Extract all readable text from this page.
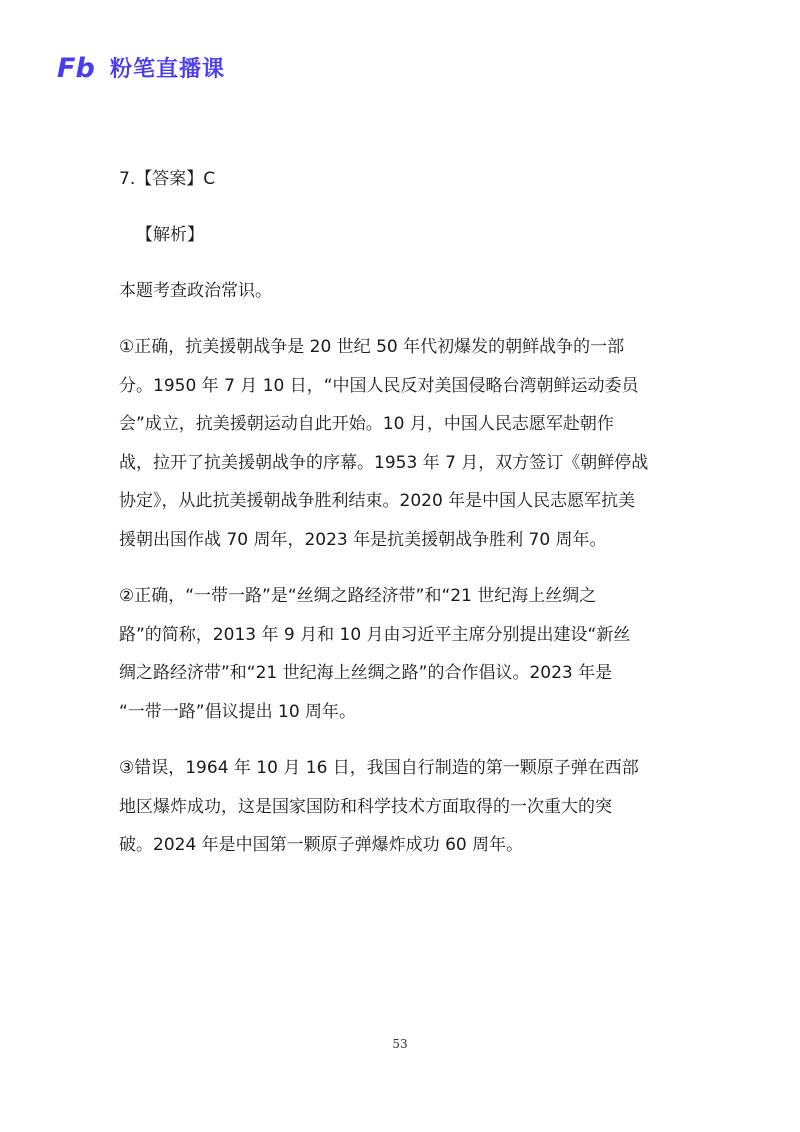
Fb 粉笔直播课
7.【答案】C
【解析】
本题考查政治常识。
①正确，抗美援朝战争是 20 世纪 50 年代初爆发的朝鲜战争的一部
分。1950 年 7 月 10 日，“中国人民反对美国侵略台湾朝鲜运动委员
会”成立，抗美援朝运动自此开始。10 月，中国人民志愿军赴朝作
战，拉开了抗美援朝战争的序幕。1953 年 7 月，双方签订《朝鲜停战
协定》，从此抗美援朝战争胜利结束。2020 年是中国人民志愿军抗美
援朝出国作战 70 周年，2023 年是抗美援朝战争胜利 70 周年。
②正确，“一带一路”是“丝绸之路经济带”和“21 世纪海上丝绸之
路”的简称，2013 年 9 月和 10 月由习近平主席分别提出建设“新丝
绸之路经济带”和“21 世纪海上丝绸之路”的合作倡议。2023 年是
“一带一路”倡议提出 10 周年。
③错误，1964 年 10 月 16 日，我国自行制造的第一颗原子弹在西部
地区爆炸成功，这是国家国防和科学技术方面取得的一次重大的突
破。2024 年是中国第一颗原子弹爆炸成功 60 周年。
53
